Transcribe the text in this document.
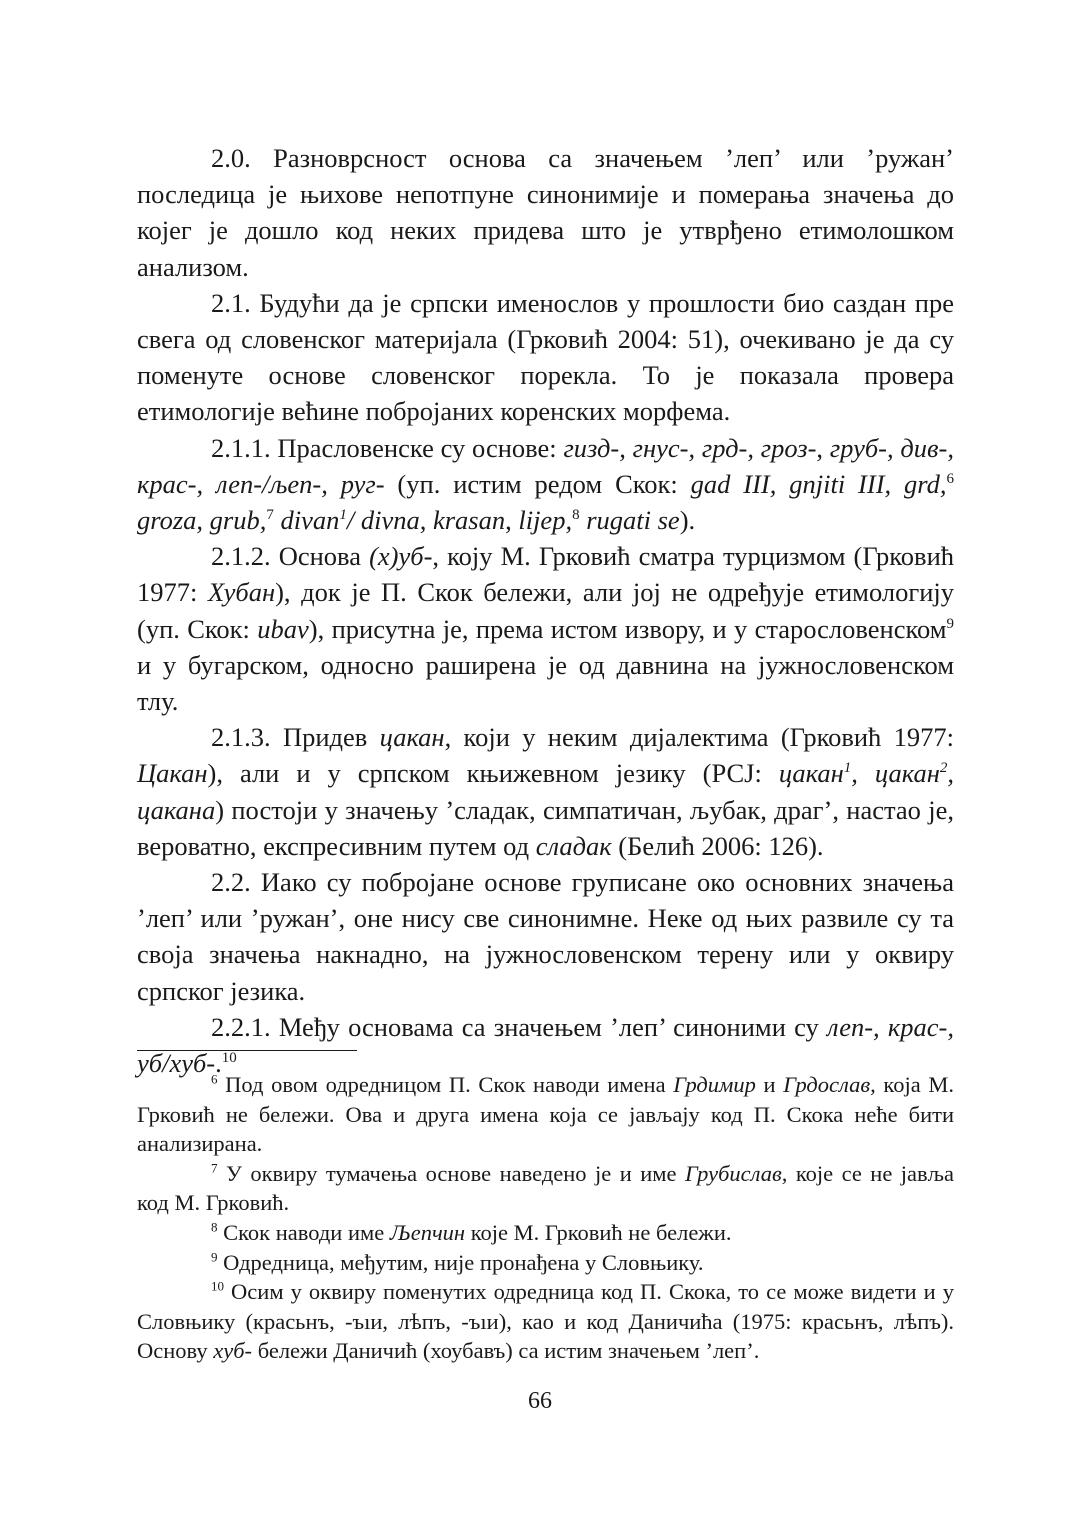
2.0. Разноврсност основа са значењем ’леп’ или ’ружан’ последица је њихове непотпуне синонимије и померања значења до којег је дошло код неких придева што је утврђено етимолошком анализом.

2.1. Будући да је српски именослов у прошлости био саздан пре свега од словенског материјала (Грковић 2004: 51), очекивано је да су поменуте основе словенског порекла. То је показала провера етимологије већине побројаних коренских морфема.

2.1.1. Прасловенске су основе: гизд-, гнус-, грд-, гроз-, груб-, див-, крас-, леп-/љеп-, руг- (уп. истим редом Скок: gad III, gnjiti III, grd,$^6$ groza, grub,$^7$ divan$^1$/ divna, krasan, lijep,$^8$ rugati se).

2.1.2. Основа (х)уб-, коју М. Грковић сматра турцизмом (Грковић 1977: Хубан), док је П. Скок бележи, али јој не одређује етимологију (уп. Скок: ubav), присутна је, према истом извору, и у старословенском$^9$ и у бугарском, односно раширена је од давнина на јужнословенском тлу.

2.1.3. Придев цакан, који у неким дијалектима (Грковић 1977: Цакан), али и у српском књижевном језику (РСЈ: цакан$^1$, цакан$^2$, цакана) постоји у значењу ’сладак, симпатичан, љубак, драг’, настао је, вероватно, експресивним путем од сладак (Белић 2006: 126).

2.2. Иако су побројане основе груписане око основних значења ’леп’ или ’ружан’, оне нису све синонимне. Неке од њих развиле су та своја значења накнадно, на јужнословенском терену или у оквиру српског језика.

2.2.1. Међу основама са значењем ’леп’ синоними су леп-, крас-, уб/хуб-.$^{10}$

$^6$ Под овом одредницом П. Скок наводи имена Грдимир и Грдослав, која М. Грковић не бележи. Ова и друга имена која се јављају код П. Скока неће бити анализирана.

$^7$ У оквиру тумачења основе наведено је и име Грубислав, које се не јавља код М. Грковић.

$^8$ Скок наводи име Љепчин које М. Грковић не бележи.

$^9$ Одредница, међутим, није пронађена у Словњику.

$^{10}$ Осим у оквиру поменутих одредница код П. Скока, то се може видети и у Словњику (красьнъ, -ъıи, лѣпъ, -ъıи), као и код Даничића (1975: красьнъ, лѣпъ). Основу хуб- бележи Даничић (хоубавъ) са истим значењем ’леп’.

66
